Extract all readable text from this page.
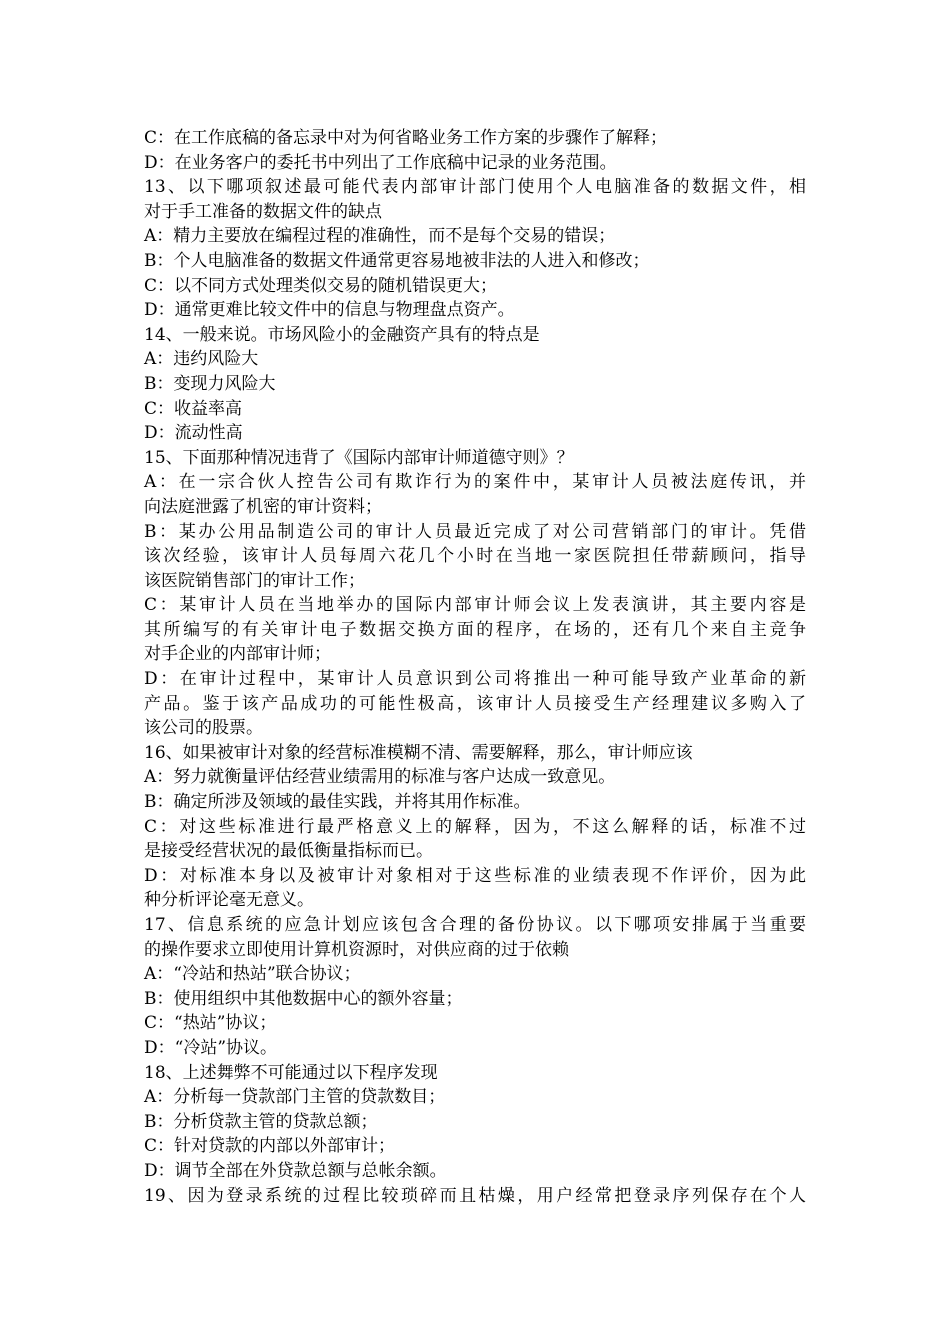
C：在工作底稿的备忘录中对为何省略业务工作方案的步骤作了解释；
D：在业务客户的委托书中列出了工作底稿中记录的业务范围。
13、以下哪项叙述最可能代表内部审计部门使用个人电脑准备的数据文件，相
对于手工准备的数据文件的缺点
A：精力主要放在编程过程的准确性，而不是每个交易的错误；
B：个人电脑准备的数据文件通常更容易地被非法的人进入和修改；
C：以不同方式处理类似交易的随机错误更大；
D：通常更难比较文件中的信息与物理盘点资产。
14、一般来说。市场风险小的金融资产具有的特点是
A：违约风险大
B：变现力风险大
C：收益率高
D：流动性高
15、下面那种情况违背了《国际内部审计师道德守则》？
A：在一宗合伙人控告公司有欺诈行为的案件中，某审计人员被法庭传讯，并
向法庭泄露了机密的审计资料；
B：某办公用品制造公司的审计人员最近完成了对公司营销部门的审计。凭借
该次经验，该审计人员每周六花几个小时在当地一家医院担任带薪顾问，指导
该医院销售部门的审计工作；
C：某审计人员在当地举办的国际内部审计师会议上发表演讲，其主要内容是
其所编写的有关审计电子数据交换方面的程序，在场的，还有几个来自主竞争
对手企业的内部审计师；
D：在审计过程中，某审计人员意识到公司将推出一种可能导致产业革命的新
产品。鉴于该产品成功的可能性极高，该审计人员接受生产经理建议多购入了
该公司的股票。
16、如果被审计对象的经营标准模糊不清、需要解释，那么，审计师应该
A：努力就衡量评估经营业绩需用的标准与客户达成一致意见。
B：确定所涉及领域的最佳实践，并将其用作标准。
C：对这些标准进行最严格意义上的解释，因为，不这么解释的话，标准不过
是接受经营状况的最低衡量指标而已。
D：对标准本身以及被审计对象相对于这些标准的业绩表现不作评价，因为此
种分析评论毫无意义。
17、信息系统的应急计划应该包含合理的备份协议。以下哪项安排属于当重要
的操作要求立即使用计算机资源时，对供应商的过于依赖
A：“冷站和热站”联合协议；
B：使用组织中其他数据中心的额外容量；
C：“热站”协议；
D：“冷站”协议。
18、上述舞弊不可能通过以下程序发现
A：分析每一贷款部门主管的贷款数目；
B：分析贷款主管的贷款总额；
C：针对贷款的内部以外部审计；
D：调节全部在外贷款总额与总帐余额。
19、因为登录系统的过程比较琐碎而且枯燥，用户经常把登录序列保存在个人
